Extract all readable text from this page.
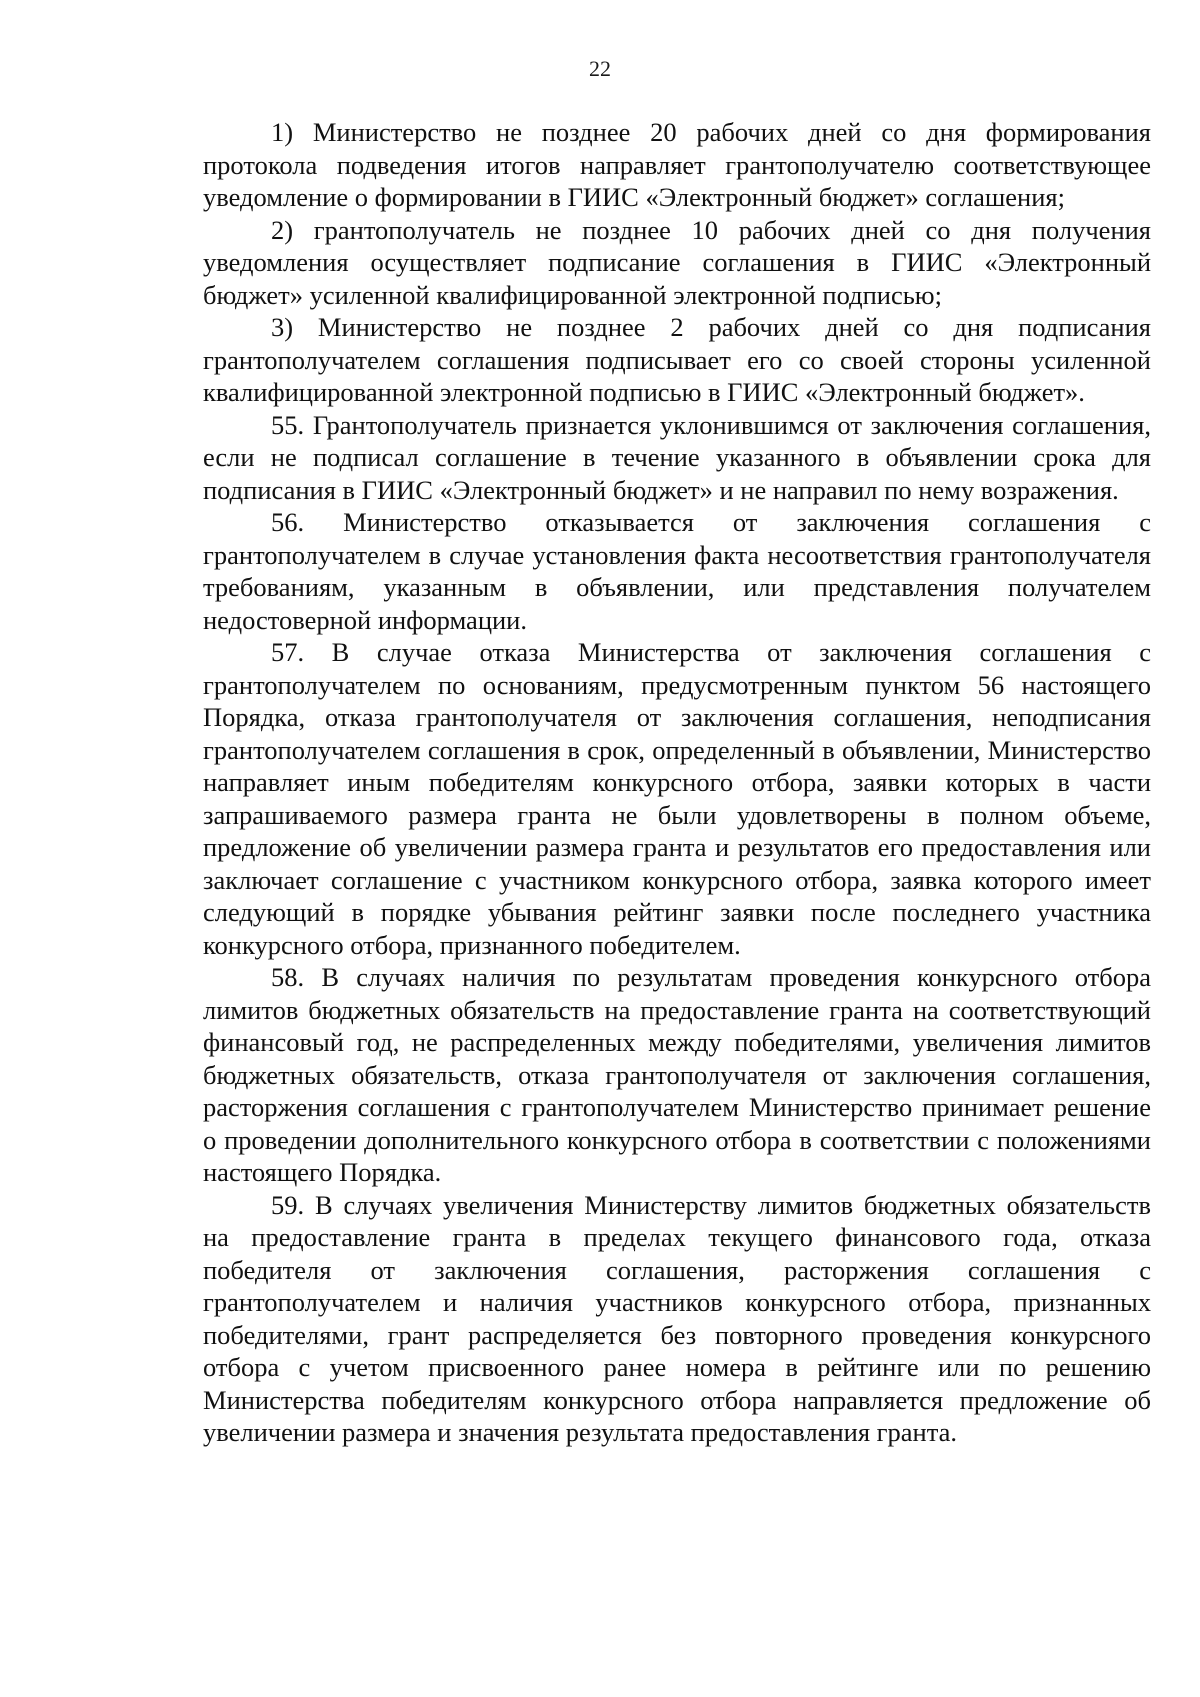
22

1) Министерство не позднее 20 рабочих дней со дня формирования протокола подведения итогов направляет грантополучателю соответствующее уведомление о формировании в ГИИС «Электронный бюджет» соглашения;

2) грантополучатель не позднее 10 рабочих дней со дня получения уведомления осуществляет подписание соглашения в ГИИС «Электронный бюджет» усиленной квалифицированной электронной подписью;

3) Министерство не позднее 2 рабочих дней со дня подписания грантополучателем соглашения подписывает его со своей стороны усиленной квалифицированной электронной подписью в ГИИС «Электронный бюджет».

55. Грантополучатель признается уклонившимся от заключения соглашения, если не подписал соглашение в течение указанного в объявлении срока для подписания в ГИИС «Электронный бюджет» и не направил по нему возражения.

56. Министерство отказывается от заключения соглашения с грантополучателем в случае установления факта несоответствия грантополучателя требованиям, указанным в объявлении, или представления получателем недостоверной информации.

57. В случае отказа Министерства от заключения соглашения с грантополучателем по основаниям, предусмотренным пунктом 56 настоящего Порядка, отказа грантополучателя от заключения соглашения, неподписания грантополучателем соглашения в срок, определенный в объявлении, Министерство направляет иным победителям конкурсного отбора, заявки которых в части запрашиваемого размера гранта не были удовлетворены в полном объеме, предложение об увеличении размера гранта и результатов его предоставления или заключает соглашение с участником конкурсного отбора, заявка которого имеет следующий в порядке убывания рейтинг заявки после последнего участника конкурсного отбора, признанного победителем.

58. В случаях наличия по результатам проведения конкурсного отбора лимитов бюджетных обязательств на предоставление гранта на соответствующий финансовый год, не распределенных между победителями, увеличения лимитов бюджетных обязательств, отказа грантополучателя от заключения соглашения, расторжения соглашения с грантополучателем Министерство принимает решение о проведении дополнительного конкурсного отбора в соответствии с положениями настоящего Порядка.

59. В случаях увеличения Министерству лимитов бюджетных обязательств на предоставление гранта в пределах текущего финансового года, отказа победителя от заключения соглашения, расторжения соглашения с грантополучателем и наличия участников конкурсного отбора, признанных победителями, грант распределяется без повторного проведения конкурсного отбора с учетом присвоенного ранее номера в рейтинге или по решению Министерства победителям конкурсного отбора направляется предложение об увеличении размера и значения результата предоставления гранта.
